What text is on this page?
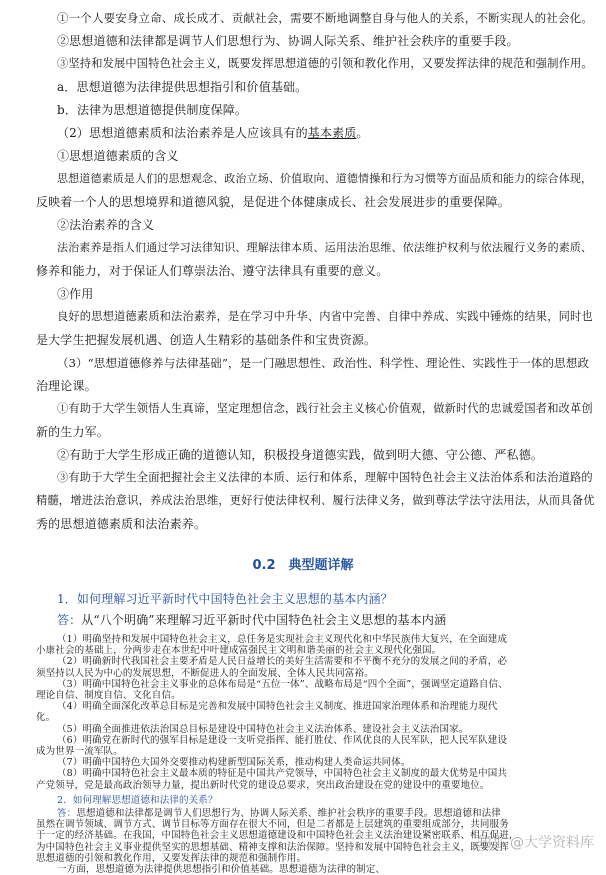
①一个人要安身立命、成长成才、贡献社会，需要不断地调整自身与他人的关系，不断实现人的社会化。
②思想道德和法律都是调节人们思想行为、协调人际关系、维护社会秩序的重要手段。
③坚持和发展中国特色社会主义，既要发挥思想道德的引领和教化作用，又要发挥法律的规范和强制作用。
a．思想道德为法律提供思想指引和价值基础。
b．法律为思想道德提供制度保障。
（2）思想道德素质和法治素养是人应该具有的基本素质。
①思想道德素质的含义
思想道德素质是人们的思想观念、政治立场、价值取向、道德情操和行为习惯等方面品质和能力的综合体现，
反映着一个人的思想境界和道德风貌，是促进个体健康成长、社会发展进步的重要保障。
②法治素养的含义
法治素养是指人们通过学习法律知识、理解法律本质、运用法治思维、依法维护权利与依法履行义务的素质、
修养和能力，对于保证人们尊崇法治、遵守法律具有重要的意义。
③作用
良好的思想道德素质和法治素养，是在学习中升华、内省中完善、自律中养成、实践中锤炼的结果，同时也
是大学生把握发展机遇、创造人生精彩的基础条件和宝贵资源。
（3）“思想道德修养与法律基础”，是一门融思想性、政治性、科学性、理论性、实践性于一体的思想政
治理论课。
①有助于大学生领悟人生真谛，坚定理想信念，践行社会主义核心价值观，做新时代的忠诚爱国者和改革创
新的生力军。
②有助于大学生形成正确的道德认知，积极投身道德实践，做到明大德、守公德、严私德。
③有助于大学生全面把握社会主义法律的本质、运行和体系，理解中国特色社会主义法治体系和法治道路的
精髓，增进法治意识，养成法治思维，更好行使法律权利、履行法律义务，做到尊法学法守法用法，从而具备优
秀的思想道德素质和法治素养。
0.2　典型题详解
1．如何理解习近平新时代中国特色社会主义思想的基本内涵？
答：从“八个明确”来理解习近平新时代中国特色社会主义思想的基本内涵
知乎 @大学资料库
（1）明确坚持和发展中国特色社会主义，总任务是实现社会主义现代化和中华民族伟大复兴，在全面建成
小康社会的基础上，分两步走在本世纪中叶建成富强民主文明和谐美丽的社会主义现代化强国。
（2）明确新时代我国社会主要矛盾是人民日益增长的美好生活需要和不平衡不充分的发展之间的矛盾，必
须坚持以人民为中心的发展思想，不断促进人的全面发展、全体人民共同富裕。
（3）明确中国特色社会主义事业的总体布局是“五位一体”、战略布局是“四个全面”，强调坚定道路自信、
理论自信、制度自信、文化自信。
（4）明确全面深化改革总目标是完善和发展中国特色社会主义制度、推进国家治理体系和治理能力现代
化。
（5）明确全面推进依法治国总目标是建设中国特色社会主义法治体系、建设社会主义法治国家。
（6）明确党在新时代的强军目标是建设一支听党指挥、能打胜仗、作风优良的人民军队，把人民军队建设
成为世界一流军队。
（7）明确中国特色大国外交要推动构建新型国际关系，推动构建人类命运共同体。
（8）明确中国特色社会主义最本质的特征是中国共产党领导，中国特色社会主义制度的最大优势是中国共
产党领导，党是最高政治领导力量，提出新时代党的建设总要求，突出政治建设在党的建设中的重要地位。
2．如何理解思想道德和法律的关系？
答：思想道德和法律都是调节人们思想行为、协调人际关系、维护社会秩序的重要手段。思想道德和法律
虽然在调节领域、调节方式、调节目标等方面存在很大不同，但是二者都是上层建筑的重要组成部分，共同服务
于一定的经济基础。在我国，中国特色社会主义思想道德建设和中国特色社会主义法治建设紧密联系、相互促进，
为中国特色社会主义事业提供坚实的思想基础、精神支撑和法治保障。坚持和发展中国特色社会主义，既要发挥
思想道德的引领和教化作用，又要发挥法律的规范和强制作用。
一方面，思想道德为法律提供思想指引和价值基础。思想道德为法律的制定、
